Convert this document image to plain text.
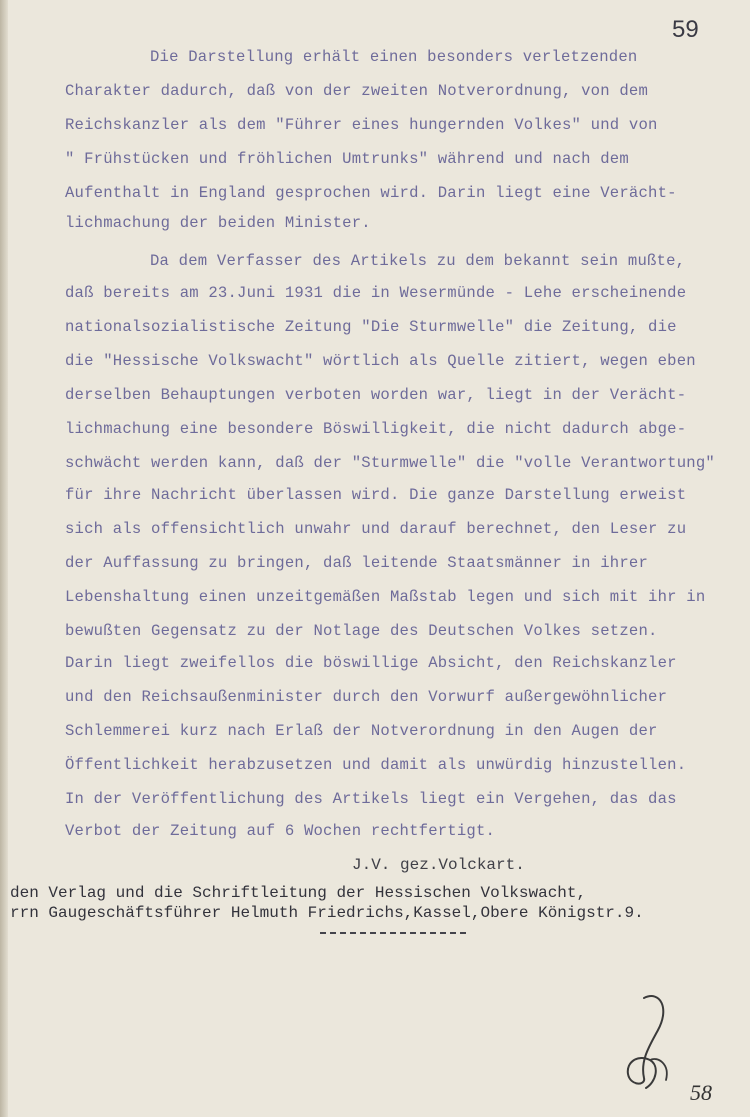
59
Die Darstellung erhält einen besonders verletzenden
Charakter dadurch, daß von der zweiten Notverordnung, von dem
Reichskanzler als dem "Führer eines hungernden Volkes" und von
" Frühstücken und fröhlichen Umtrunks" während und nach dem
Aufenthalt in England gesprochen wird. Darin liegt eine Verächt-
lichmachung der beiden Minister.
Da dem Verfasser des Artikels zu dem bekannt sein mußte,
daß bereits am 23.Juni 1931 die in Wesermünde - Lehe erscheinende
nationalsozialistische Zeitung "Die Sturmwelle" die Zeitung, die
die "Hessische Volkswacht" wörtlich als Quelle zitiert, wegen eben
derselben Behauptungen verboten worden war, liegt in der Verächt-
lichmachung eine besondere Böswilligkeit, die nicht dadurch abge-
schwächt werden kann, daß der "Sturmwelle" die "volle Verantwortung"
für ihre Nachricht überlassen wird. Die ganze Darstellung erweist
sich als offensichtlich unwahr und darauf berechnet, den Leser zu
der Auffassung zu bringen, daß leitende Staatsmänner in ihrer
Lebenshaltung einen unzeitgemäßen Maßstab legen und sich mit ihr in
bewußten Gegensatz zu der Notlage des Deutschen Volkes setzen.
Darin liegt zweifellos die böswillige Absicht, den Reichskanzler
und den Reichsaußenminister durch den Vorwurf außergewöhnlicher
Schlemmerei kurz nach Erlaß der Notverordnung in den Augen der
Öffentlichkeit herabzusetzen und damit als unwürdig hinzustellen.
In der Veröffentlichung des Artikels liegt ein Vergehen, das das
Verbot der Zeitung auf 6 Wochen rechtfertigt.
J.V. gez.Volckart.
den Verlag und die Schriftleitung der Hessischen Volkswacht,
rrn Gaugeschäftsführer Helmuth Friedrichs,Kassel,Obere Königstr.9.
58
